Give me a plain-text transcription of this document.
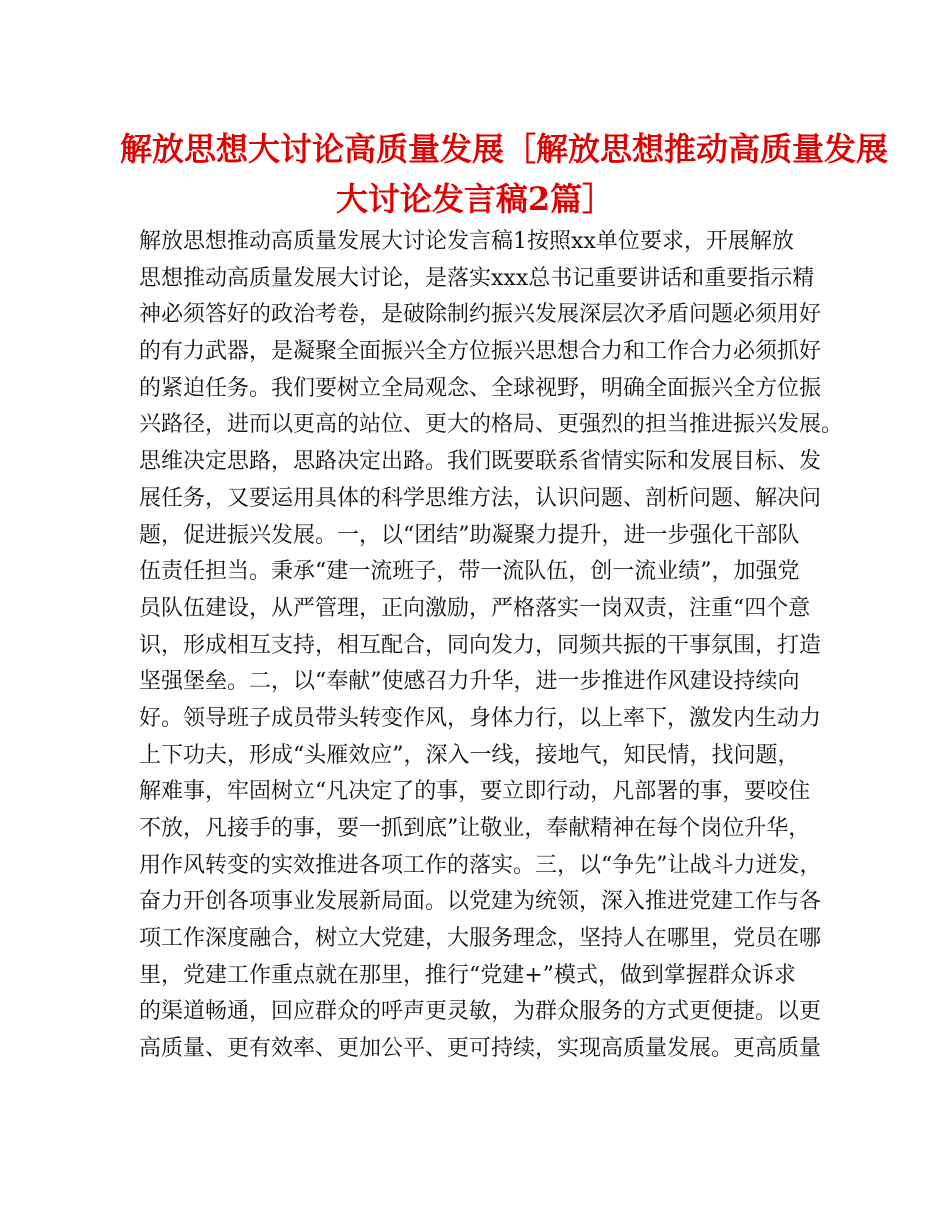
解放思想大讨论高质量发展［解放思想推动高质量发展
大讨论发言稿2篇］
解放思想推动高质量发展大讨论发言稿1按照xx单位要求，开展解放
思想推动高质量发展大讨论，是落实xxx总书记重要讲话和重要指示精
神必须答好的政治考卷，是破除制约振兴发展深层次矛盾问题必须用好
的有力武器，是凝聚全面振兴全方位振兴思想合力和工作合力必须抓好
的紧迫任务。我们要树立全局观念、全球视野，明确全面振兴全方位振
兴路径，进而以更高的站位、更大的格局、更强烈的担当推进振兴发展。
思维决定思路，思路决定出路。我们既要联系省情实际和发展目标、发
展任务，又要运用具体的科学思维方法，认识问题、剖析问题、解决问
题，促进振兴发展。一，以“团结”助凝聚力提升，进一步强化干部队
伍责任担当。秉承“建一流班子，带一流队伍，创一流业绩”，加强党
员队伍建设，从严管理，正向激励，严格落实一岗双责，注重“四个意
识，形成相互支持，相互配合，同向发力，同频共振的干事氛围，打造
坚强堡垒。二，以“奉献”使感召力升华，进一步推进作风建设持续向
好。领导班子成员带头转变作风，身体力行，以上率下，激发内生动力
上下功夫，形成“头雁效应”，深入一线，接地气，知民情，找问题，
解难事，牢固树立“凡决定了的事，要立即行动，凡部署的事，要咬住
不放，凡接手的事，要一抓到底”让敬业，奉献精神在每个岗位升华，
用作风转变的实效推进各项工作的落实。三，以“争先”让战斗力迸发，
奋力开创各项事业发展新局面。以党建为统领，深入推进党建工作与各
项工作深度融合，树立大党建，大服务理念，坚持人在哪里，党员在哪
里，党建工作重点就在那里，推行“党建+”模式，做到掌握群众诉求
的渠道畅通，回应群众的呼声更灵敏，为群众服务的方式更便捷。以更
高质量、更有效率、更加公平、更可持续，实现高质量发展。更高质量
